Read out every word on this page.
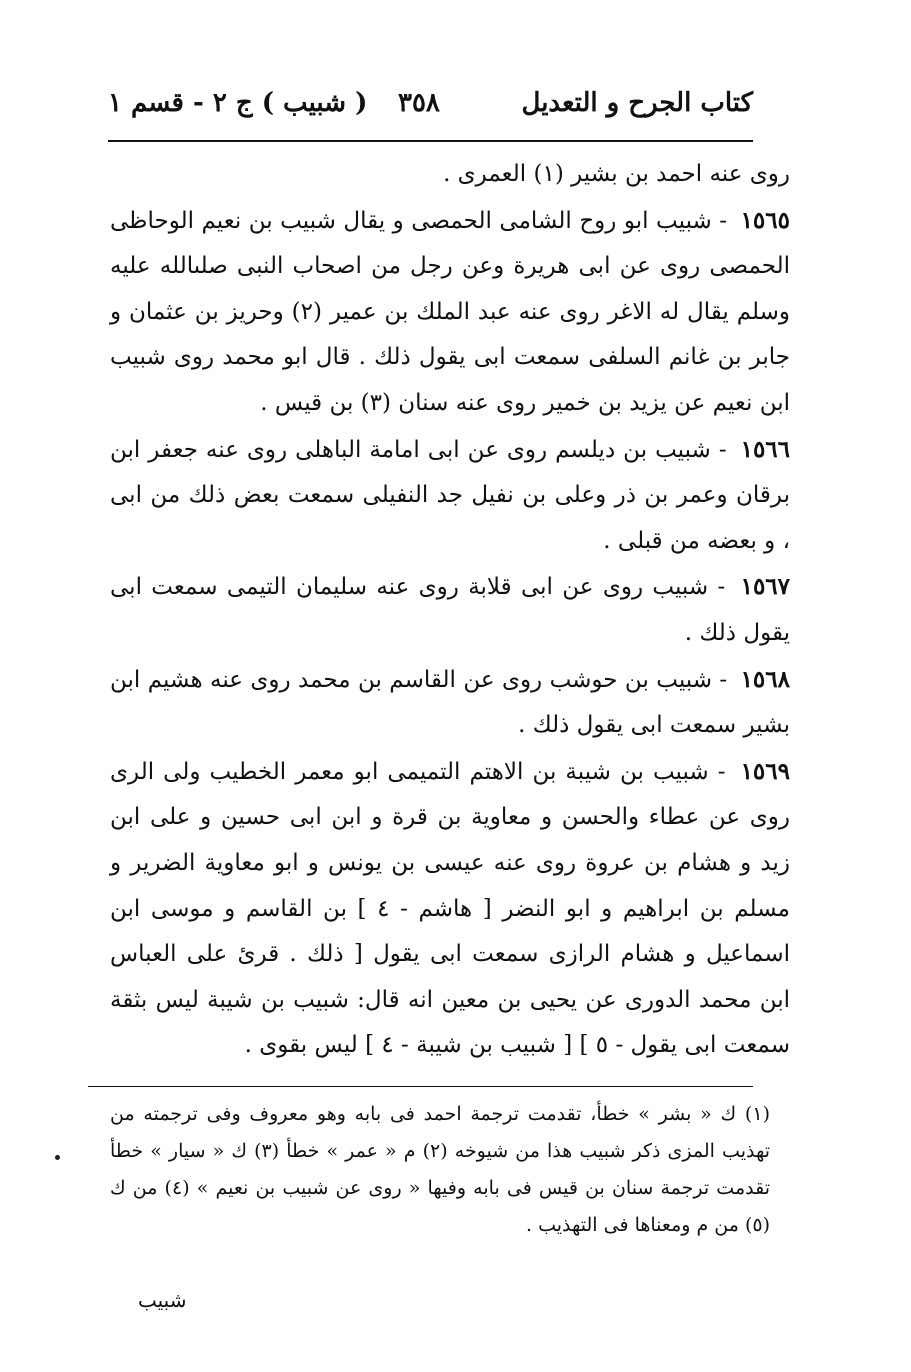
كتاب الجرح و التعديل
٣٥٨
( شبيب ) ج ٢ - قسم ١

روى عنه احمد بن بشير (١) العمرى .

١٥٦٥ - شبيب ابو روح الشامى الحمصى و يقال شبيب بن نعيم الوحاظى الحمصى روى عن ابى هريرة وعن رجل من اصحاب النبى صلىالله عليه وسلم يقال له الاغر روى عنه عبد الملك بن عمير (٢) وحريز بن عثمان و جابر بن غانم السلفى سمعت ابى يقول ذلك . قال ابو محمد روى شبيب ابن نعيم عن يزيد بن خمير روى عنه سنان (٣) بن قيس .

١٥٦٦ - شبيب بن ديلسم روى عن ابى امامة الباهلى روى عنه جعفر ابن برقان وعمر بن ذر وعلى بن نفيل جد النفيلى سمعت بعض ذلك من ابى ، و بعضه من قبلى .

١٥٦٧ - شبيب روى عن ابى قلابة روى عنه سليمان التيمى سمعت ابى يقول ذلك .

١٥٦٨ - شبيب بن حوشب روى عن القاسم بن محمد روى عنه هشيم ابن بشير سمعت ابى يقول ذلك .

١٥٦٩ - شبيب بن شيبة بن الاهتم التميمى ابو معمر الخطيب ولى الرى روى عن عطاء والحسن و معاوية بن قرة و ابن ابى حسين و على ابن زيد و هشام بن عروة روى عنه عيسى بن يونس و ابو معاوية الضرير و مسلم بن ابراهيم و ابو النضر [ هاشم - ٤ ] بن القاسم و موسى ابن اسماعيل و هشام الرازى سمعت ابى يقول [ ذلك . قرئ على العباس ابن محمد الدورى عن يحيى بن معين انه قال: شبيب بن شيبة ليس بثقة سمعت ابى يقول - ٥ ] [ شبيب بن شيبة - ٤ ] ليس بقوى .

(١) ك « بشر » خطأ، تقدمت ترجمة احمد فى بابه وهو معروف وفى ترجمته من تهذيب المزى ذكر شبيب هذا من شيوخه (٢) م « عمر » خطأ (٣) ك « سيار » خطأ تقدمت ترجمة سنان بن قيس فى بابه وفيها « روى عن شبيب بن نعيم » (٤) من ك (٥) من م ومعناها فى التهذيب .

شبيب
